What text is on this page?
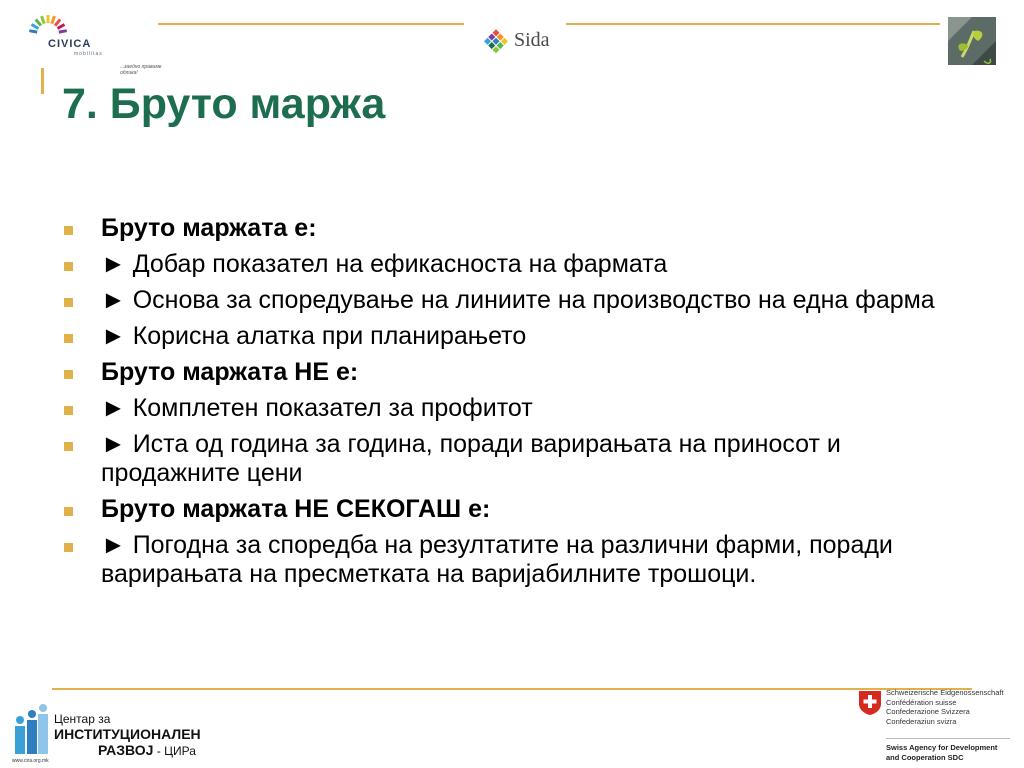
CIVICA
mobilitas
...заедно правиме одлика!
Sida
7. Бруто маржа
Бруто маржата е:
► Добар показател на ефикасноста на фармата
► Основа за споредување на линиите на производство на една фарма
► Корисна алатка при планирањето
Бруто маржата НЕ е:
► Комплетен показател за профитот
► Иста од година за година, поради варирањата на приносот и продажните цени
Бруто маржата НЕ СЕКОГАШ е:
► Погодна за споредба на резултатите на различни фарми, поради варирањата на пресметката на варијабилните трошоци.
Центар за
ИНСТИТУЦИОНАЛЕН
РАЗВОЈ - ЦИРа
www.cira.org.mk
Schweizerische Eidgenossenschaft
Confédération suisse
Confederazione Svizzera
Confederaziun svizra
Swiss Agency for Development
and Cooperation SDC
